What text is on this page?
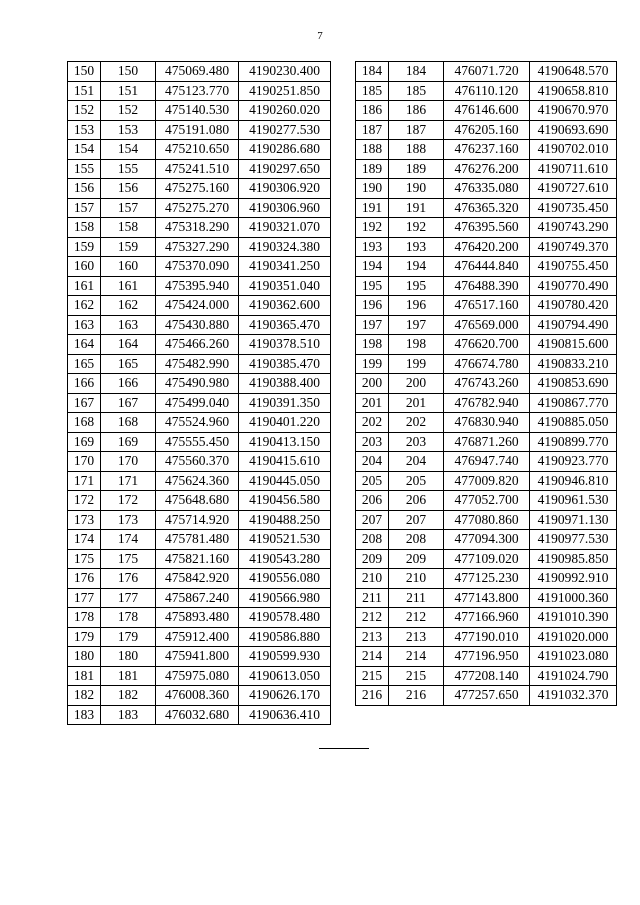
7
150	150	475069.480	4190230.400
151	151	475123.770	4190251.850
152	152	475140.530	4190260.020
153	153	475191.080	4190277.530
154	154	475210.650	4190286.680
155	155	475241.510	4190297.650
156	156	475275.160	4190306.920
157	157	475275.270	4190306.960
158	158	475318.290	4190321.070
159	159	475327.290	4190324.380
160	160	475370.090	4190341.250
161	161	475395.940	4190351.040
162	162	475424.000	4190362.600
163	163	475430.880	4190365.470
164	164	475466.260	4190378.510
165	165	475482.990	4190385.470
166	166	475490.980	4190388.400
167	167	475499.040	4190391.350
168	168	475524.960	4190401.220
169	169	475555.450	4190413.150
170	170	475560.370	4190415.610
171	171	475624.360	4190445.050
172	172	475648.680	4190456.580
173	173	475714.920	4190488.250
174	174	475781.480	4190521.530
175	175	475821.160	4190543.280
176	176	475842.920	4190556.080
177	177	475867.240	4190566.980
178	178	475893.480	4190578.480
179	179	475912.400	4190586.880
180	180	475941.800	4190599.930
181	181	475975.080	4190613.050
182	182	476008.360	4190626.170
183	183	476032.680	4190636.410
184	184	476071.720	4190648.570
185	185	476110.120	4190658.810
186	186	476146.600	4190670.970
187	187	476205.160	4190693.690
188	188	476237.160	4190702.010
189	189	476276.200	4190711.610
190	190	476335.080	4190727.610
191	191	476365.320	4190735.450
192	192	476395.560	4190743.290
193	193	476420.200	4190749.370
194	194	476444.840	4190755.450
195	195	476488.390	4190770.490
196	196	476517.160	4190780.420
197	197	476569.000	4190794.490
198	198	476620.700	4190815.600
199	199	476674.780	4190833.210
200	200	476743.260	4190853.690
201	201	476782.940	4190867.770
202	202	476830.940	4190885.050
203	203	476871.260	4190899.770
204	204	476947.740	4190923.770
205	205	477009.820	4190946.810
206	206	477052.700	4190961.530
207	207	477080.860	4190971.130
208	208	477094.300	4190977.530
209	209	477109.020	4190985.850
210	210	477125.230	4190992.910
211	211	477143.800	4191000.360
212	212	477166.960	4191010.390
213	213	477190.010	4191020.000
214	214	477196.950	4191023.080
215	215	477208.140	4191024.790
216	216	477257.650	4191032.370
